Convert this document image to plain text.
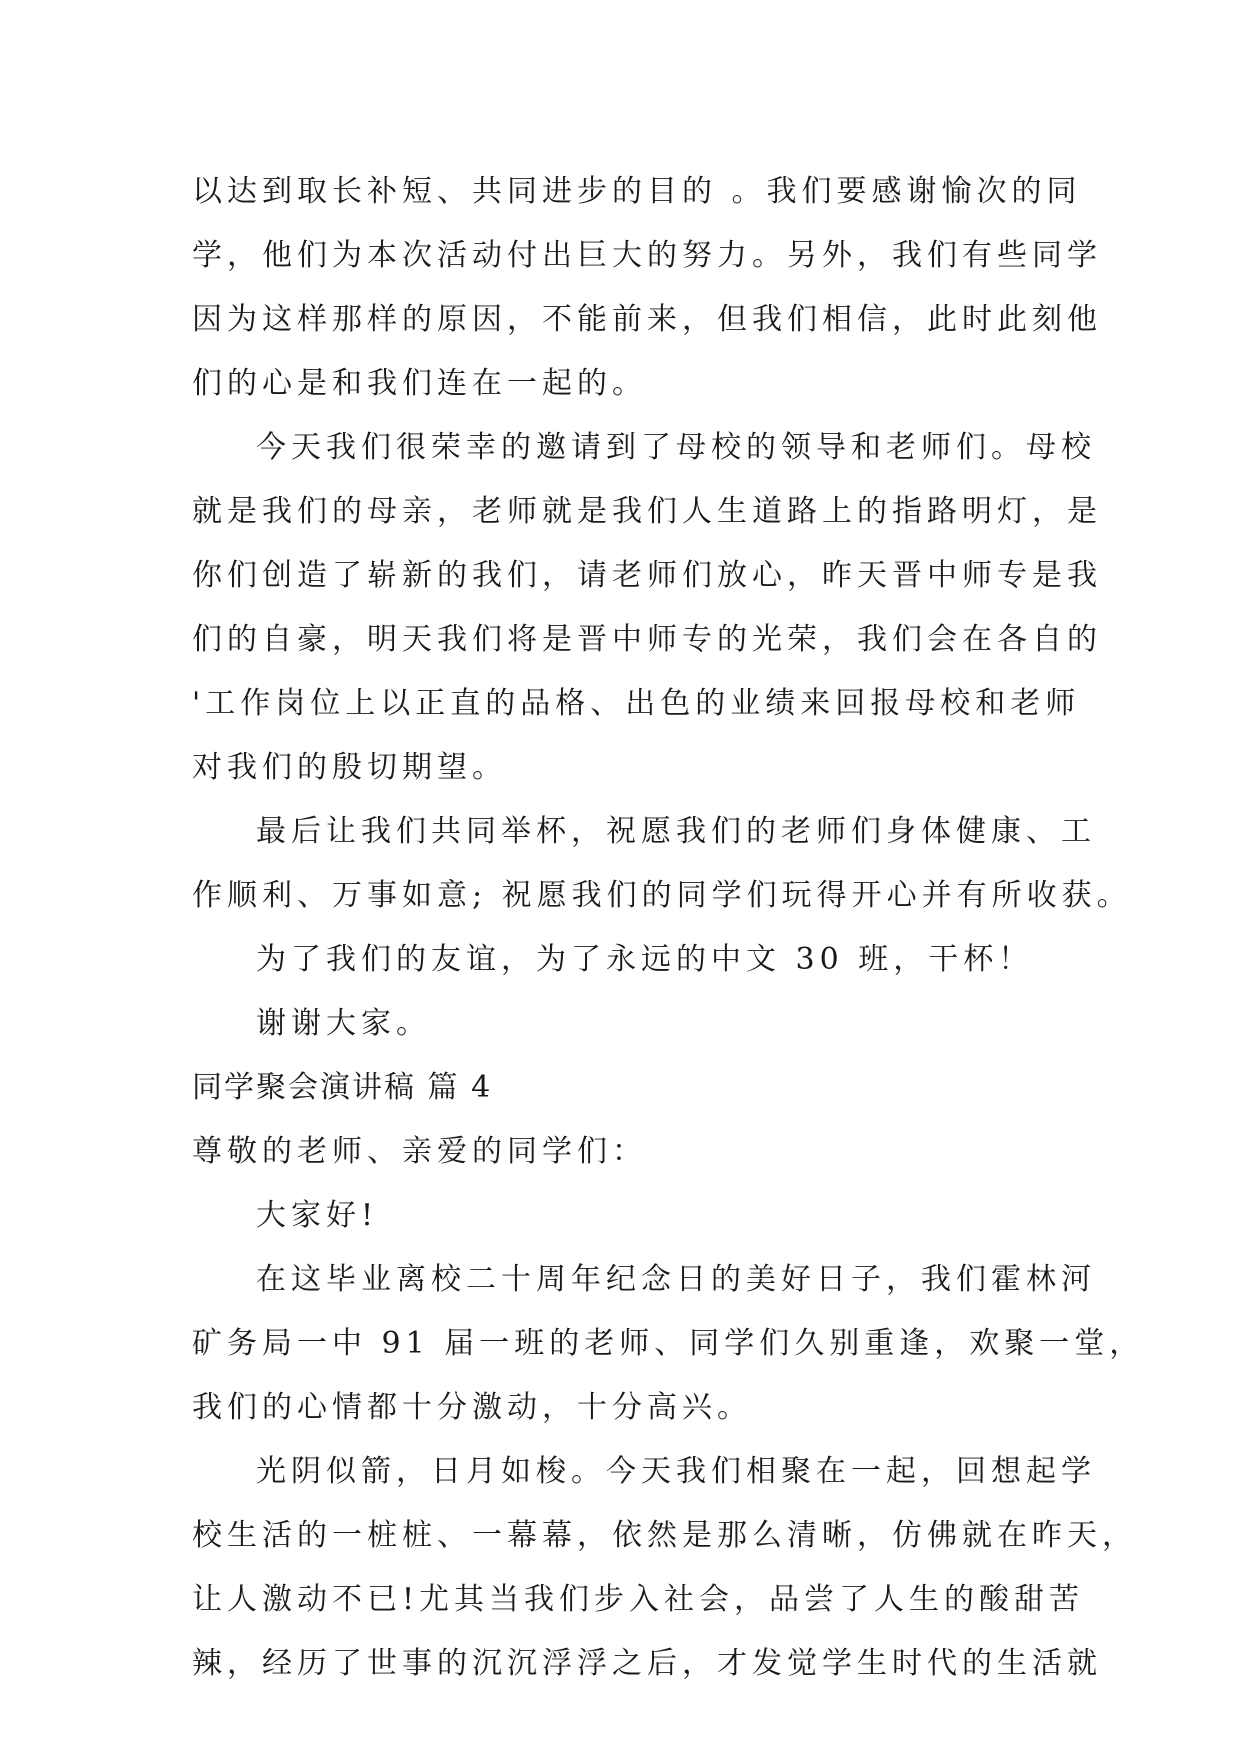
以达到取长补短、共同进步的目的 。我们要感谢愉次的同
学，他们为本次活动付出巨大的努力。另外，我们有些同学
因为这样那样的原因，不能前来，但我们相信，此时此刻他
们的心是和我们连在一起的。
今天我们很荣幸的邀请到了母校的领导和老师们。母校
就是我们的母亲，老师就是我们人生道路上的指路明灯，是
你们创造了崭新的我们，请老师们放心，昨天晋中师专是我
们的自豪，明天我们将是晋中师专的光荣，我们会在各自的
'工作岗位上以正直的品格、出色的业绩来回报母校和老师
对我们的殷切期望。
最后让我们共同举杯，祝愿我们的老师们身体健康、工
作顺利、万事如意; 祝愿我们的同学们玩得开心并有所收获。
为了我们的友谊，为了永远的中文 30 班，干杯！
谢谢大家。
同学聚会演讲稿 篇 4
尊敬的老师、亲爱的同学们：
大家好!
在这毕业离校二十周年纪念日的美好日子，我们霍林河
矿务局一中 91 届一班的老师、同学们久别重逢，欢聚一堂，
我们的心情都十分激动，十分高兴。
光阴似箭，日月如梭。今天我们相聚在一起，回想起学
校生活的一桩桩、一幕幕，依然是那么清晰，仿佛就在昨天，
让人激动不已!尤其当我们步入社会，品尝了人生的酸甜苦
辣，经历了世事的沉沉浮浮之后，才发觉学生时代的生活就
